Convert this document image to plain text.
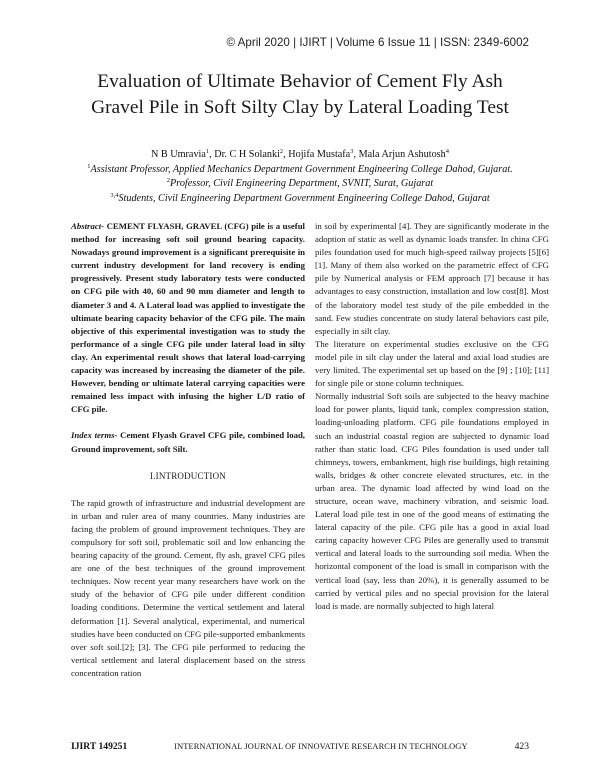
© April 2020 | IJIRT | Volume 6 Issue 11 | ISSN: 2349-6002
Evaluation of Ultimate Behavior of Cement Fly Ash
Gravel Pile in Soft Silty Clay by Lateral Loading Test
N B Umravia$^1$, Dr. C H Solanki$^2$, Hojifa Mustafa$^3$, Mala Arjun Ashutosh$^4$
$^1$Assistant Professor, Applied Mechanics Department Government Engineering College Dahod, Gujarat.
$^2$Professor, Civil Engineering Department, SVNIT, Surat, Gujarat
$^{3,4}$Students, Civil Engineering Department Government Engineering College Dahod, Gujarat

Abstract- CEMENT FLYASH, GRAVEL (CFG) pile is a useful method for increasing soft soil ground bearing capacity. Nowadays ground improvement is a significant prerequisite in current industry development for land recovery is ending progressively. Present study laboratory tests were conducted on CFG pile with 40, 60 and 90 mm diameter and length to diameter 3 and 4. A Lateral load was applied to investigate the ultimate bearing capacity behavior of the CFG pile. The main objective of this experimental investigation was to study the performance of a single CFG pile under lateral load in silty clay. An experimental result shows that lateral load-carrying capacity was increased by increasing the diameter of the pile. However, bending or ultimate lateral carrying capacities were remained less impact with infusing the higher L/D ratio of CFG pile.

Index terms- Cement Flyash Gravel CFG pile, combined load, Ground improvement, soft Silt.

I.INTRODUCTION

The rapid growth of infrastructure and industrial development are in urban and ruler area of many countries. Many industries are facing the problem of ground improvement techniques. They are compulsory for soft soil, problematic soil and low enhancing the bearing capacity of the ground. Cement, fly ash, gravel CFG piles are one of the best techniques of the ground improvement techniques. Now recent year many researchers have work on the study of the behavior of CFG pile under different condition loading conditions. Determine the vertical settlement and lateral deformation [1]. Several analytical, experimental, and numerical studies have been conducted on CFG pile-supported embankments over soft soil.[2]; [3]. The CFG pile performed to reducing the vertical settlement and lateral displacement based on the stress concentration ration

in soil by experimental [4]. They are significantly moderate in the adoption of static as well as dynamic loads transfer. In china CFG piles foundation used for much high-speed railway projects [5][6][1]. Many of them also worked on the parametric effect of CFG pile by Numerical analysis or FEM approach [7] because it has advantages to easy construction, installation and low cost[8]. Most of the laboratory model test study of the pile embedded in the sand. Few studies concentrate on study lateral behaviors cast pile, especially in silt clay.

The literature on experimental studies exclusive on the CFG model pile in silt clay under the lateral and axial load studies are very limited. The experimental set up based on the [9] ; [10]; [11] for single pile or stone column techniques.

Normally industrial Soft soils are subjected to the heavy machine load for power plants, liquid tank, complex compression station, loading-unloading platform. CFG pile foundations employed in such an industrial coastal region are subjected to dynamic load rather than static load. CFG Piles foundation is used under tall chimneys, towers, embankment, high rise buildings, high retaining walls, bridges & other concrete elevated structures, etc. in the urban area. The dynamic load affected by wind load on the structure, ocean wave, machinery vibration, and seismic load. Lateral load pile test in one of the good means of estimating the lateral capacity of the pile. CFG pile has a good in axial load caring capacity however CFG Piles are generally used to transmit vertical and lateral loads to the surrounding soil media. When the horizontal component of the load is small in comparison with the vertical load (say, less than 20%), it is generally assumed to be carried by vertical piles and no special provision for the lateral load is made. are normally subjected to high lateral

IJIRT 149251	INTERNATIONAL JOURNAL OF INNOVATIVE RESEARCH IN TECHNOLOGY	423
